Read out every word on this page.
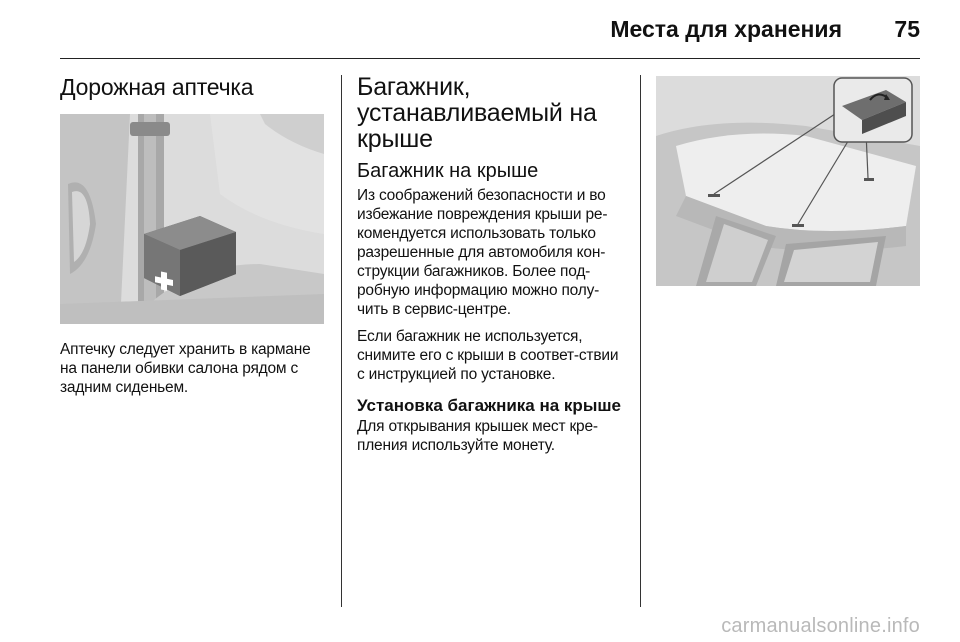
Места для хранения 75
Дорожная аптечка

Аптечку следует хранить в кармане на панели обивки салона рядом с задним сиденьем.

Багажник, устанавливаемый на крыше
Багажник на крыше

Из соображений безопасности и во избежание повреждения крыши ре-комендуется использовать только разрешенные для автомобиля кон-струкции багажников. Более под-робную информацию можно полу-чить в сервис-центре.

Если багажник не используется, снимите его с крыши в соответ-ствии с инструкцией по установке.

Установка багажника на крыше

Для открывания крышек мест кре-пления используйте монету.

carmanualsonline.info
